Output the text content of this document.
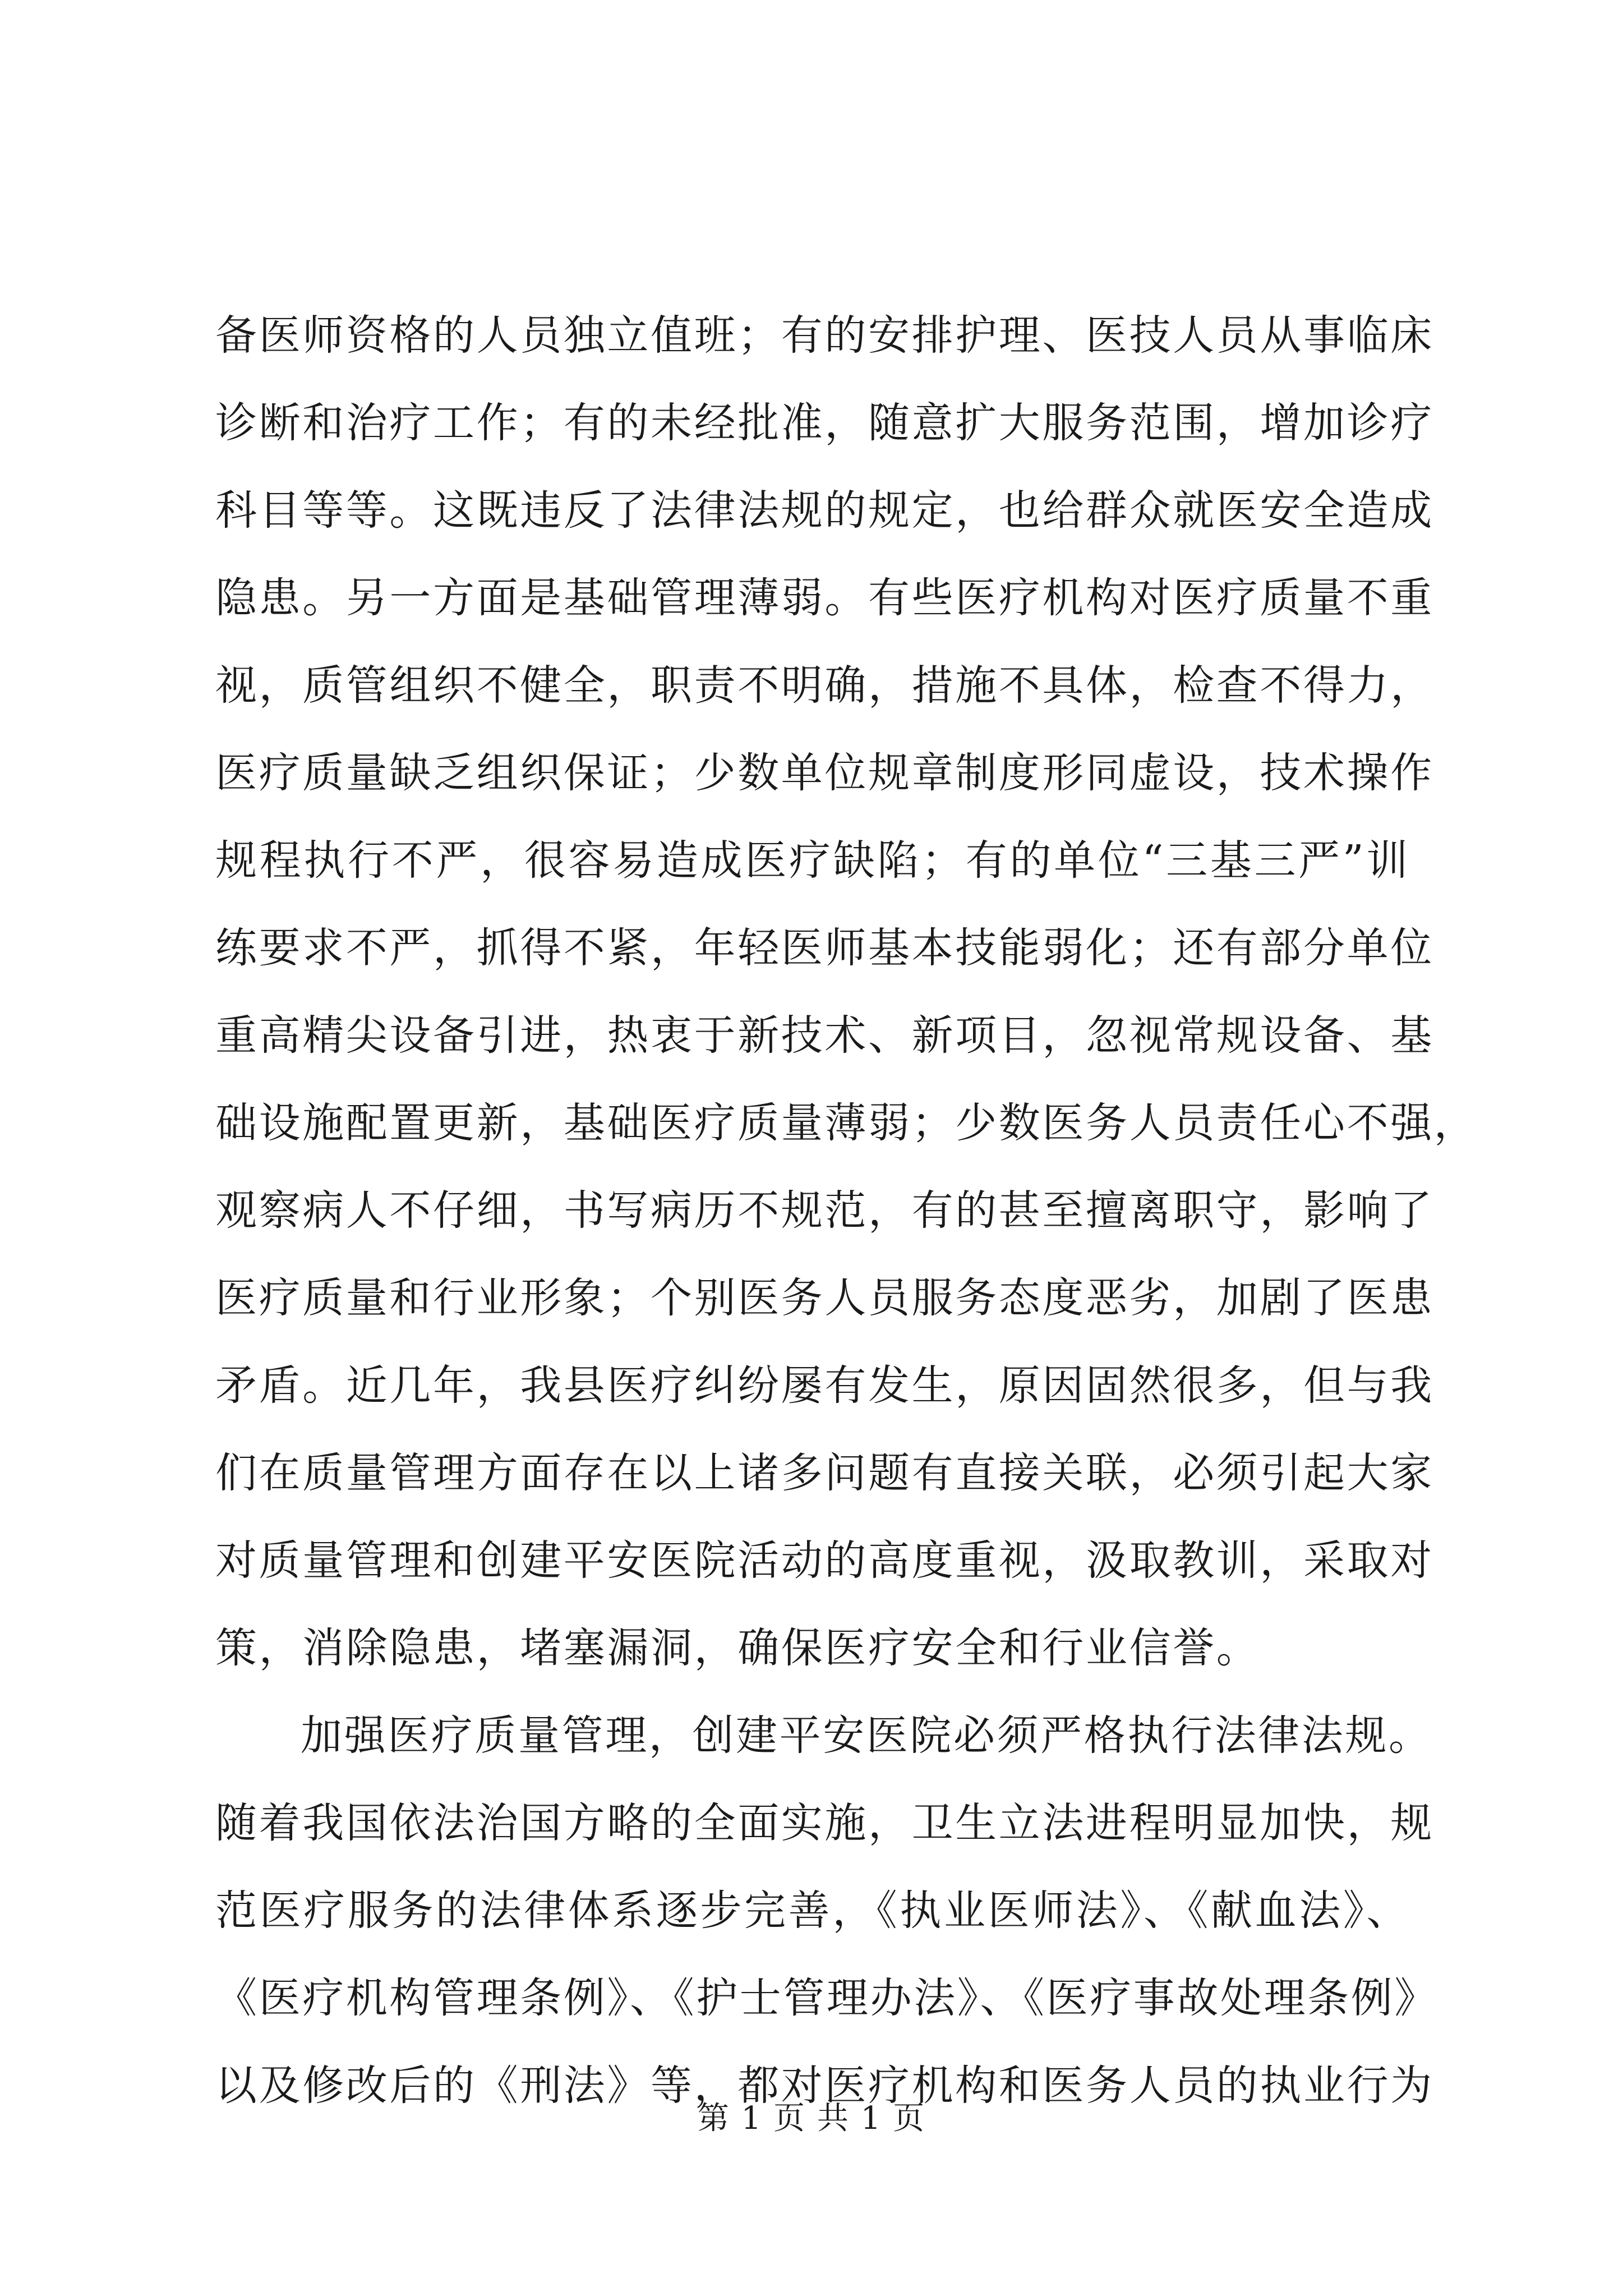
备医师资格的人员独立值班；有的安排护理、医技人员从事临床
诊断和治疗工作；有的未经批准，随意扩大服务范围，增加诊疗
科目等等。这既违反了法律法规的规定，也给群众就医安全造成
隐患。另一方面是基础管理薄弱。有些医疗机构对医疗质量不重
视，质管组织不健全，职责不明确，措施不具体，检查不得力，
医疗质量缺乏组织保证；少数单位规章制度形同虚设，技术操作
规程执行不严，很容易造成医疗缺陷；有的单位“三基三严”训
练要求不严，抓得不紧，年轻医师基本技能弱化；还有部分单位
重高精尖设备引进，热衷于新技术、新项目，忽视常规设备、基
础设施配置更新，基础医疗质量薄弱；少数医务人员责任心不强，
观察病人不仔细，书写病历不规范，有的甚至擅离职守，影响了
医疗质量和行业形象；个别医务人员服务态度恶劣，加剧了医患
矛盾。近几年，我县医疗纠纷屡有发生，原因固然很多，但与我
们在质量管理方面存在以上诸多问题有直接关联，必须引起大家
对质量管理和创建平安医院活动的高度重视，汲取教训，采取对
策，消除隐患，堵塞漏洞，确保医疗安全和行业信誉。
加强医疗质量管理，创建平安医院必须严格执行法律法规。
随着我国依法治国方略的全面实施，卫生立法进程明显加快，规
范医疗服务的法律体系逐步完善，《执业医师法》、《献血法》、
《医疗机构管理条例》、《护士管理办法》、《医疗事故处理条例》
以及修改后的《刑法》等，都对医疗机构和医务人员的执业行为
第 1 页 共 1 页
